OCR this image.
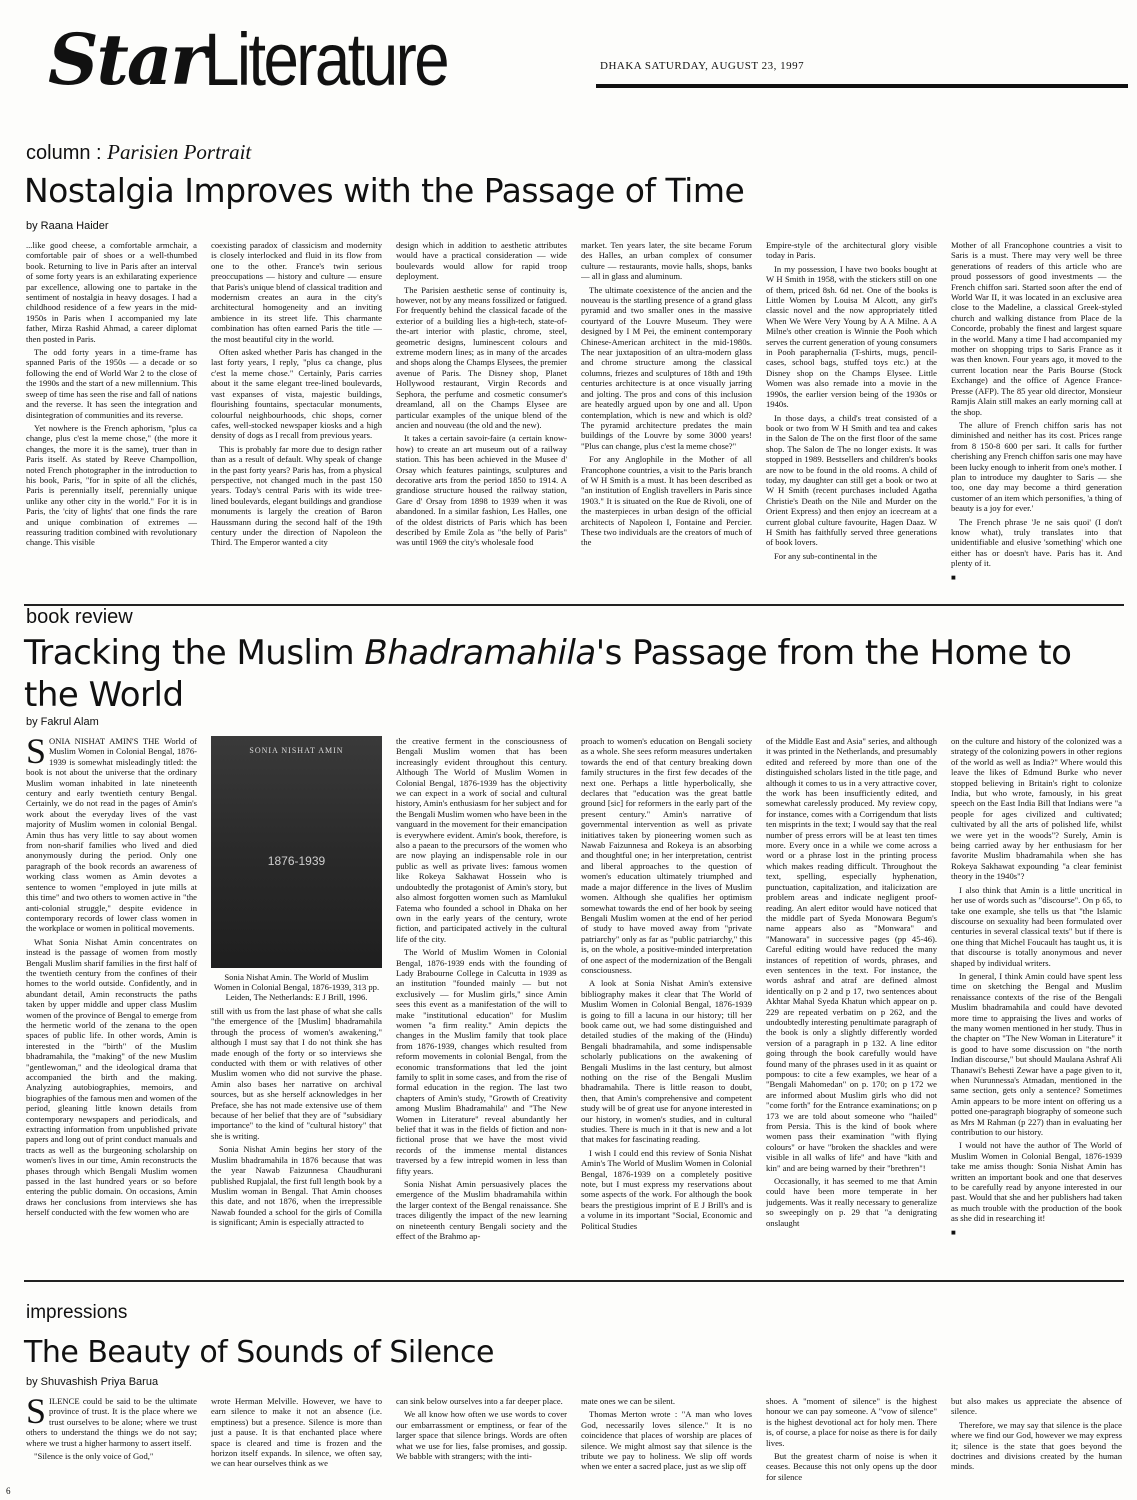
Star
Literature	DHAKA SATURDAY, AUGUST 23, 1997
column : Parisien Portrait
Nostalgia Improves with the Passage of Time
by Raana Haider

...like good cheese, a comfortable armchair, a comfortable pair of shoes or a well-thumbed book. Returning to live in Paris after an interval of some forty years is an exhilarating experience par excellence, allowing one to partake in the sentiment of nostalgia in heavy dosages. I had a childhood residence of a few years in the mid-1950s in Paris when I accompanied my late father, Mirza Rashid Ahmad, a career diplomat then posted in Paris.

The odd forty years in a time-frame has spanned Paris of the 1950s — a decade or so following the end of World War 2 to the close of the 1990s and the start of a new millennium. This sweep of time has seen the rise and fall of nations and the reverse. It has seen the integration and disintegration of communities and its reverse.

Yet nowhere is the French aphorism, "plus ca change, plus c'est la meme chose," (the more it changes, the more it is the same), truer than in Paris itself. As stated by Reeve Champollion, noted French photographer in the introduction to his book, Paris, "for in spite of all the clichés, Paris is perennially itself, perennially unique unlike any other city in the world." For it is in Paris, the 'city of lights' that one finds the rare and unique combination of extremes — reassuring tradition combined with revolutionary change. This visible

coexisting paradox of classicism and modernity is closely interlocked and fluid in its flow from one to the other. France's twin serious preoccupations — history and culture — ensure that Paris's unique blend of classical tradition and modernism creates an aura in the city's architectural homogeneity and an inviting ambience in its street life. This charmante combination has often earned Paris the title — the most beautiful city in the world.

Often asked whether Paris has changed in the last forty years, I reply, "plus ca change, plus c'est la meme chose." Certainly, Paris carries about it the same elegant tree-lined boulevards, vast expanses of vista, majestic buildings, flourishing fountains, spectacular monuments, colourful neighbourhoods, chic shops, corner cafes, well-stocked newspaper kiosks and a high density of dogs as I recall from previous years.

This is probably far more due to design rather than as a result of default. Why speak of change in the past forty years? Paris has, from a physical perspective, not changed much in the past 150 years. Today's central Paris with its wide tree-lined boulevards, elegant buildings and grandiose monuments is largely the creation of Baron Haussmann during the second half of the 19th century under the direction of Napoleon the Third. The Emperor wanted a city

design which in addition to aesthetic attributes would have a practical consideration — wide boulevards would allow for rapid troop deployment.

The Parisien aesthetic sense of continuity is, however, not by any means fossilized or fatigued. For frequently behind the classical facade of the exterior of a building lies a high-tech, state-of-the-art interior with plastic, chrome, steel, geometric designs, luminescent colours and extreme modern lines; as in many of the arcades and shops along the Champs Elysees, the premier avenue of Paris. The Disney shop, Planet Hollywood restaurant, Virgin Records and Sephora, the perfume and cosmetic consumer's dreamland, all on the Champs Elysee are particular examples of the unique blend of the ancien and nouveau (the old and the new).

It takes a certain savoir-faire (a certain know-how) to create an art museum out of a railway station. This has been achieved in the Musee d' Orsay which features paintings, sculptures and decorative arts from the period 1850 to 1914. A grandiose structure housed the railway station, Gare d' Orsay from 1898 to 1939 when it was abandoned. In a similar fashion, Les Halles, one of the oldest districts of Paris which has been described by Emile Zola as "the belly of Paris" was until 1969 the city's wholesale food

market. Ten years later, the site became Forum des Halles, an urban complex of consumer culture — restaurants, movie halls, shops, banks — all in glass and aluminum.

The ultimate coexistence of the ancien and the nouveau is the startling presence of a grand glass pyramid and two smaller ones in the massive courtyard of the Louvre Museum. They were designed by I M Pei, the eminent contemporary Chinese-American architect in the mid-1980s. The near juxtaposition of an ultra-modern glass and chrome structure among the classical columns, friezes and sculptures of 18th and 19th centuries architecture is at once visually jarring and jolting. The pros and cons of this inclusion are heatedly argued upon by one and all. Upon contemplation, which is new and which is old? The pyramid architecture predates the main buildings of the Louvre by some 3000 years! "Plus can change, plus c'est la meme chose?"

For any Anglophile in the Mother of all Francophone countries, a visit to the Paris branch of W H Smith is a must. It has been described as "an institution of English travellers in Paris since 1903." It is situated on the Rue de Rivoli, one of the masterpieces in urban design of the official architects of Napoleon I, Fontaine and Percier. These two individuals are the creators of much of the

Empire-style of the architectural glory visible today in Paris.

In my possession, I have two books bought at W H Smith in 1958, with the stickers still on one of them, priced 8sh. 6d net. One of the books is Little Women by Louisa M Alcott, any girl's classic novel and the now appropriately titled When We Were Very Young by A A Milne. A A Milne's other creation is Winnie the Pooh which serves the current generation of young consumers in Pooh paraphernalia (T-shirts, mugs, pencil-cases, school bags, stuffed toys etc.) at the Disney shop on the Champs Elysee. Little Women was also remade into a movie in the 1990s, the earlier version being of the 1930s or 1940s.

In those days, a child's treat consisted of a book or two from W H Smith and tea and cakes in the Salon de The on the first floor of the same shop. The Salon de The no longer exists. It was stopped in 1989. Bestsellers and children's books are now to be found in the old rooms. A child of today, my daughter can still get a book or two at W H Smith (recent purchases included Agatha Christie's Death on the Nile and Murder on the Orient Express) and then enjoy an icecream at a current global culture favourite, Hagen Daaz. W H Smith has faithfully served three generations of book lovers.

For any sub-continental in the

Mother of all Francophone countries a visit to Saris is a must. There may very well be three generations of readers of this article who are proud possessors of good investments — the French chiffon sari. Started soon after the end of World War II, it was located in an exclusive area close to the Madeline, a classical Greek-styled church and walking distance from Place de la Concorde, probably the finest and largest square in the world. Many a time I had accompanied my mother on shopping trips to Saris France as it was then known. Four years ago, it moved to the current location near the Paris Bourse (Stock Exchange) and the office of Agence France-Presse (AFP). The 85 year old director, Monsieur Ramjis Alain still makes an early morning call at the shop.

The allure of French chiffon saris has not diminished and neither has its cost. Prices range from 8 150-8 600 per sari. It calls for further cherishing any French chiffon saris one may have been lucky enough to inherit from one's mother. I plan to introduce my daughter to Saris — she too, one day may become a third generation customer of an item which personifies, 'a thing of beauty is a joy for ever.'

The French phrase 'Je ne sais quoi' (I don't know what), truly translates into that unidentifiable and elusive 'something' which one either has or doesn't have. Paris has it. And plenty of it.

■
book review
Tracking the Muslim Bhadramahila's Passage from the Home to the World
by Fakrul Alam

SONIA NISHAT AMIN'S THE World of Muslim Women in Colonial Bengal, 1876-1939 is somewhat misleadingly titled: the book is not about the universe that the ordinary Muslim woman inhabited in late nineteenth century and early twentieth century Bengal. Certainly, we do not read in the pages of Amin's work about the everyday lives of the vast majority of Muslim women in colonial Bengal. Amin thus has very little to say about women from non-sharif families who lived and died anonymously during the period. Only one paragraph of the book records an awareness of working class women as Amin devotes a sentence to women "employed in jute mills at this time" and two others to women active in "the anti-colonial struggle," despite evidence in contemporary records of lower class women in the workplace or women in political movements.

What Sonia Nishat Amin concentrates on instead is the passage of women from mostly Bengali Muslim sharif families in the first half of the twentieth century from the confines of their homes to the world outside. Confidently, and in abundant detail, Amin reconstructs the paths taken by upper middle and upper class Muslim women of the province of Bengal to emerge from the hermetic world of the zenana to the open spaces of public life. In other words, Amin is interested in the "birth" of the Muslim bhadramahila, the "making" of the new Muslim "gentlewoman," and the ideological drama that accompanied the birth and the making. Analyzing autobiographies, memoirs, and biographies of the famous men and women of the period, gleaning little known details from contemporary newspapers and periodicals, and extracting information from unpublished private papers and long out of print conduct manuals and tracts as well as the burgeoning scholarship on women's lives in our time, Amin reconstructs the phases through which Bengali Muslim women passed in the last hundred years or so before entering the public domain. On occasions, Amin draws her conclusions from interviews she has herself conducted with the few women who are

SONIA NISHAT AMIN
1876-1939
Sonia Nishat Amin. The World of Muslim Women in Colonial Bengal, 1876-1939, 313 pp. Leiden, The Netherlands: E J Brill, 1996.

still with us from the last phase of what she calls "the emergence of the [Muslim] bhadramahila through the process of women's awakening," although I must say that I do not think she has made enough of the forty or so interviews she conducted with them or with relatives of other Muslim women who did not survive the phase. Amin also bases her narrative on archival sources, but as she herself acknowledges in her Preface, she has not made extensive use of them because of her belief that they are of "subsidiary importance" to the kind of "cultural history" that she is writing.

Sonia Nishat Amin begins her story of the Muslim bhadramahila in 1876 because that was the year Nawab Faizunnesa Chaudhurani published Rupjalal, the first full length book by a Muslim woman in Bengal. That Amin chooses this date, and not 1876, when the irrepressible Nawab founded a school for the girls of Comilla is significant; Amin is especially attracted to

the creative ferment in the consciousness of Bengali Muslim women that has been increasingly evident throughout this century. Although The World of Muslim Women in Colonial Bengal, 1876-1939 has the objectivity we can expect in a work of social and cultural history, Amin's enthusiasm for her subject and for the Bengali Muslim women who have been in the vanguard in the movement for their emancipation is everywhere evident. Amin's book, therefore, is also a paean to the precursors of the women who are now playing an indispensable role in our public as well as private lives: famous women like Rokeya Sakhawat Hossein who is undoubtedly the protagonist of Amin's story, but also almost forgotten women such as Mamlukul Fatema who founded a school in Dhaka on her own in the early years of the century, wrote fiction, and participated actively in the cultural life of the city.

The World of Muslim Women in Colonial Bengal, 1876-1939 ends with the founding of Lady Brabourne College in Calcutta in 1939 as an institution "founded mainly — but not exclusively — for Muslim girls," since Amin sees this event as a manifestation of the will to make "institutional education" for Muslim women "a firm reality." Amin depicts the changes in the Muslim family that took place from 1876-1939, changes which resulted from reform movements in colonial Bengal, from the economic transformations that led the joint family to split in some cases, and from the rise of formal education in the region. The last two chapters of Amin's study, "Growth of Creativity among Muslim Bhadramahila" and "The New Women in Literature" reveal abundantly her belief that it was in the fields of fiction and non-fictional prose that we have the most vivid records of the immense mental distances traversed by a few intrepid women in less than fifty years.

Sonia Nishat Amin persuasively places the emergence of the Muslim bhadramahila within the larger context of the Bengal renaissance. She traces diligently the impact of the new learning on nineteenth century Bengali society and the effect of the Brahmo ap-

proach to women's education on Bengali society as a whole. She sees reform measures undertaken towards the end of that century breaking down family structures in the first few decades of the next one. Perhaps a little hyperbolically, she declares that "education was the great battle ground [sic] for reformers in the early part of the present century." Amin's narrative of governmental intervention as well as private initiatives taken by pioneering women such as Nawab Faizunnesa and Rokeya is an absorbing and thoughtful one; in her interpretation, centrist and liberal approaches to the question of women's education ultimately triumphed and made a major difference in the lives of Muslim women. Although she qualifies her optimism somewhat towards the end of her book by seeing Bengali Muslim women at the end of her period of study to have moved away from "private patriarchy" only as far as "public patriarchy," this is, on the whole, a positive-minded interpretation of one aspect of the modernization of the Bengali consciousness.

A look at Sonia Nishat Amin's extensive bibliography makes it clear that The World of Muslim Women in Colonial Bengal, 1876-1939 is going to fill a lacuna in our history; till her book came out, we had some distinguished and detailed studies of the making of the (Hindu) Bengali bhadramahila, and some indispensable scholarly publications on the awakening of Bengali Muslims in the last century, but almost nothing on the rise of the Bengali Muslim bhadramahila. There is little reason to doubt, then, that Amin's comprehensive and competent study will be of great use for anyone interested in our history, in women's studies, and in cultural studies. There is much in it that is new and a lot that makes for fascinating reading.

I wish I could end this review of Sonia Nishat Amin's The World of Muslim Women in Colonial Bengal, 1876-1939 on a completely positive note, but I must express my reservations about some aspects of the work. For although the book bears the prestigious imprint of E J Brill's and is a volume in its important "Social, Economic and Political Studies

of the Middle East and Asia" series, and although it was printed in the Netherlands, and presumably edited and refereed by more than one of the distinguished scholars listed in the title page, and although it comes to us in a very attractive cover, the work has been insufficiently edited, and somewhat carelessly produced. My review copy, for instance, comes with a Corrigendum that lists ten misprints in the text; I would say that the real number of press errors will be at least ten times more. Every once in a while we come across a word or a phrase lost in the printing process which makes reading difficult. Throughout the text, spelling, especially hyphenation, punctuation, capitalization, and italicization are problem areas and indicate negligent proof-reading. An alert editor would have noticed that the middle part of Syeda Monowara Begum's name appears also as "Monwara" and "Manowara" in successive pages (pp 45-46). Careful editing would have reduced the many instances of repetition of words, phrases, and even sentences in the text. For instance, the words ashraf and atraf are defined almost identically on p 2 and p 17, two sentences about Akhtar Mahal Syeda Khatun which appear on p. 229 are repeated verbatim on p 262, and the undoubtedly interesting penultimate paragraph of the book is only a slightly differently worded version of a paragraph in p 132. A line editor going through the book carefully would have found many of the phrases used in it as quaint or pompous: to cite a few examples, we hear of a "Bengali Mahomedan" on p. 170; on p 172 we are informed about Muslim girls who did not "come forth" for the Entrance examinations; on p 173 we are told about someone who "hailed" from Persia. This is the kind of book where women pass their examination "with flying colours" or have "broken the shackles and were visible in all walks of life" and have "kith and kin" and are being warned by their "brethren"!

Occasionally, it has seemed to me that Amin could have been more temperate in her judgements. Was it really necessary to generalize so sweepingly on p. 29 that "a denigrating onslaught

on the culture and history of the colonized was a strategy of the colonizing powers in other regions of the world as well as India?" Where would this leave the likes of Edmund Burke who never stopped believing in Britain's right to colonize India, but who wrote, famously, in his great speech on the East India Bill that Indians were "a people for ages civilized and cultivated; cultivated by all the arts of polished life, whilst we were yet in the woods"? Surely, Amin is being carried away by her enthusiasm for her favorite Muslim bhadramahila when she has Rokeya Sakhawat expounding "a clear feminist theory in the 1940s"?

I also think that Amin is a little uncritical in her use of words such as "discourse". On p 65, to take one example, she tells us that "the Islamic discourse on sexuality had been formulated over centuries in several classical texts" but if there is one thing that Michel Foucault has taught us, it is that discourse is totally anonymous and never shaped by individual writers.

In general, I think Amin could have spent less time on sketching the Bengal and Muslim renaissance contexts of the rise of the Bengali Muslim bhadramahila and could have devoted more time to appraising the lives and works of the many women mentioned in her study. Thus in the chapter on "The New Woman in Literature" it is good to have some discussion on "the north Indian discourse," but should Maulana Ashraf Ali Thanawi's Behesti Zewar have a page given to it, when Nurunnessa's Atmadan, mentioned in the same section, gets only a sentence? Sometimes Amin appears to be more intent on offering us a potted one-paragraph biography of someone such as Mrs M Rahman (p 227) than in evaluating her contribution to our history.

I would not have the author of The World of Muslim Women in Colonial Bengal, 1876-1939 take me amiss though: Sonia Nishat Amin has written an important book and one that deserves to be carefully read by anyone interested in our past. Would that she and her publishers had taken as much trouble with the production of the book as she did in researching it!

■
impressions
The Beauty of Sounds of Silence
by Shuvashish Priya Barua

SILENCE could be said to be the ultimate province of trust. It is the place where we trust ourselves to be alone; where we trust others to understand the things we do not say; where we trust a higher harmony to assert itself.

"Silence is the only voice of God,"

wrote Herman Melville. However, we have to earn silence to make it not an absence (i.e. emptiness) but a presence. Silence is more than just a pause. It is that enchanted place where space is cleared and time is frozen and the horizon itself expands. In silence, we often say, we can hear ourselves think as we

can sink below ourselves into a far deeper place.

We all know how often we use words to cover our embarrassment or emptiness, or fear of the larger space that silence brings. Words are often what we use for lies, false promises, and gossip. We babble with strangers; with the inti-

mate ones we can be silent.

Thomas Merton wrote : "A man who loves God, necessarily loves silence." It is no coincidence that places of worship are places of silence. We might almost say that silence is the tribute we pay to holiness. We slip off words when we enter a sacred place, just as we slip off

shoes. A "moment of silence" is the highest honour we can pay someone. A "vow of silence" is the highest devotional act for holy men. There is, of course, a place for noise as there is for daily lives.

But the greatest charm of noise is when it ceases. Because this not only opens up the door for silence

but also makes us appreciate the absence of silence.

Therefore, we may say that silence is the place where we find our God, however we may express it; silence is the state that goes beyond the doctrines and divisions created by the human minds.

6
